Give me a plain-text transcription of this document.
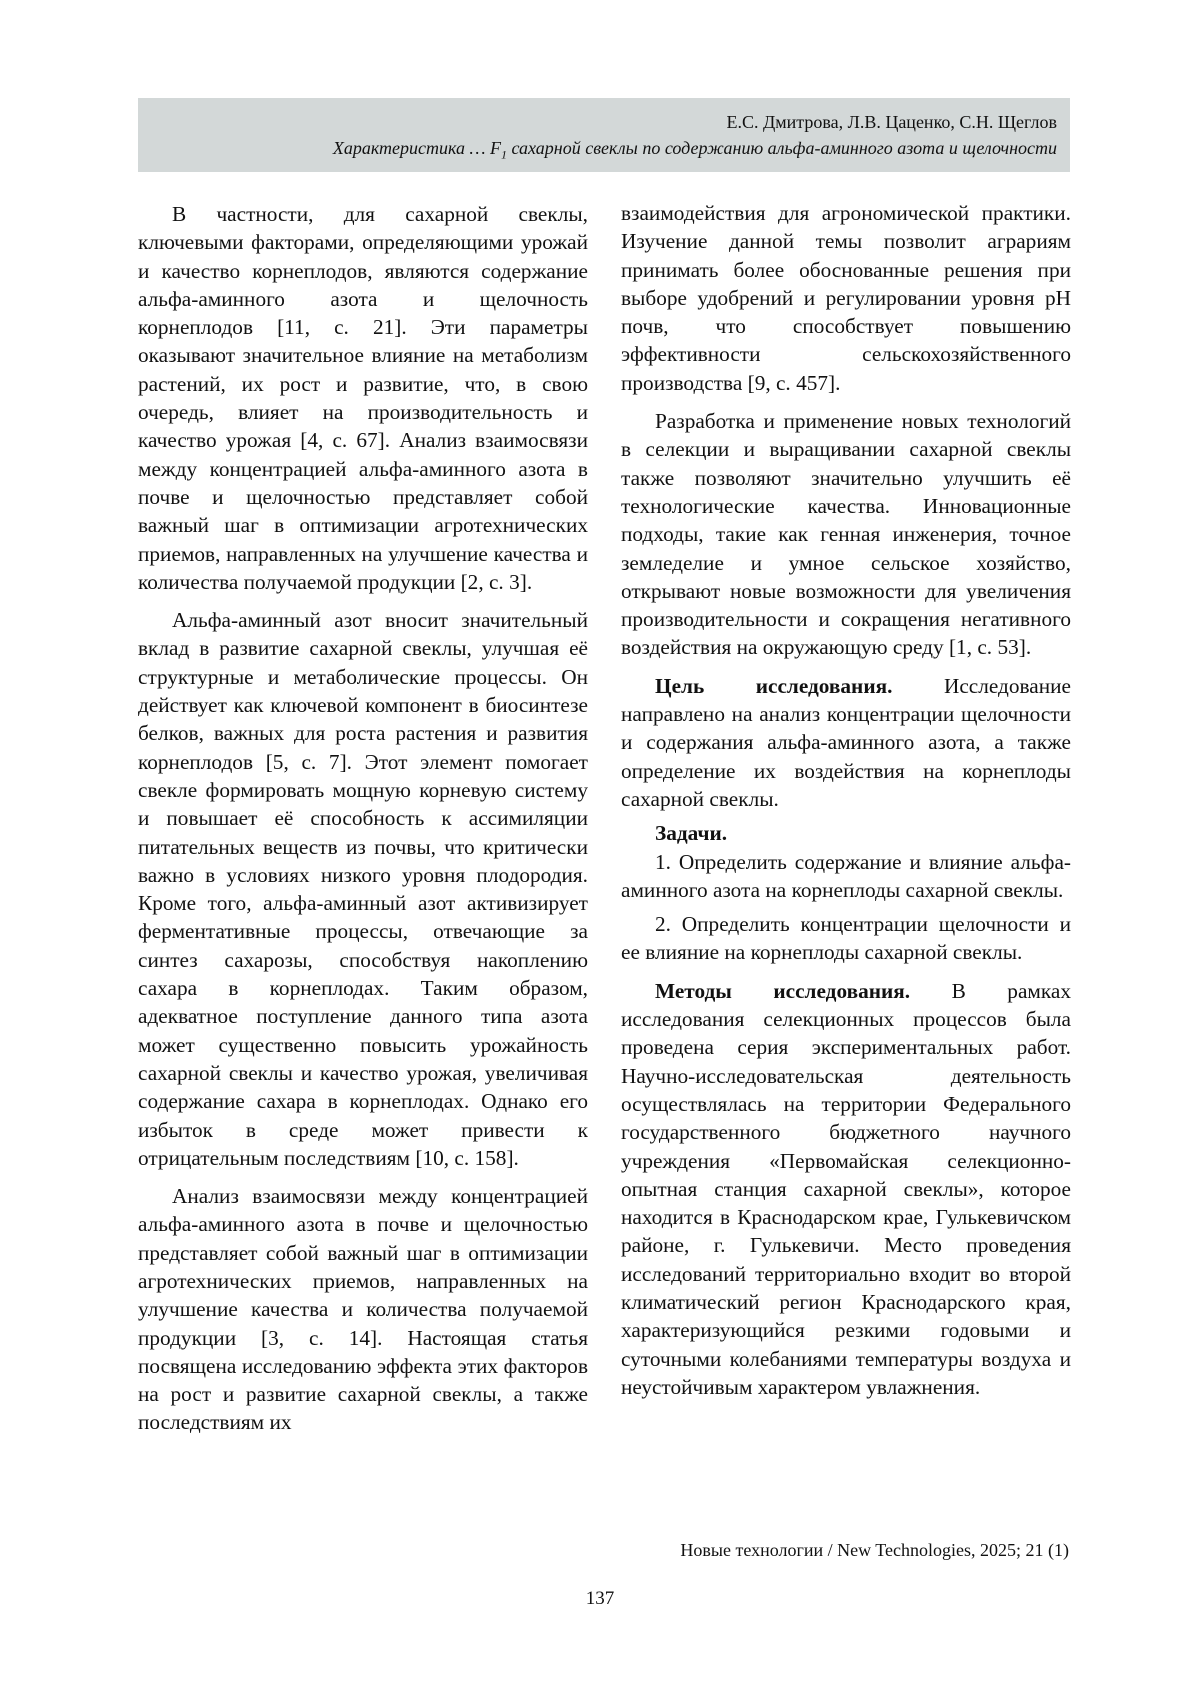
Е.С. Дмитрова, Л.В. Цаценко, С.Н. Щеглов
Характеристика … $F_1$ сахарной свеклы по содержанию альфа-аминного азота и щелочности

В частности, для сахарной свеклы, ключевыми факторами, определяющими урожай и качество корнеплодов, являются содержание альфа-аминного азота и щелочность корнеплодов [11, с. 21]. Эти параметры оказывают значительное влияние на метаболизм растений, их рост и развитие, что, в свою очередь, влияет на производительность и качество урожая [4, с. 67]. Анализ взаимосвязи между концентрацией альфа-аминного азота в почве и щелочностью представляет собой важный шаг в оптимизации агротехнических приемов, направленных на улучшение качества и количества получаемой продукции [2, с. 3].

Альфа-аминный азот вносит значительный вклад в развитие сахарной свеклы, улучшая её структурные и метаболические процессы. Он действует как ключевой компонент в биосинтезе белков, важных для роста растения и развития корнеплодов [5, с. 7]. Этот элемент помогает свекле формировать мощную корневую систему и повышает её способность к ассимиляции питательных веществ из почвы, что критически важно в условиях низкого уровня плодородия. Кроме того, альфа-аминный азот активизирует ферментативные процессы, отвечающие за синтез сахарозы, способствуя накоплению сахара в корнеплодах. Таким образом, адекватное поступление данного типа азота может существенно повысить урожайность сахарной свеклы и качество урожая, увеличивая содержание сахара в корнеплодах. Однако его избыток в среде может привести к отрицательным последствиям [10, с. 158].

Анализ взаимосвязи между концентрацией альфа-аминного азота в почве и щелочностью представляет собой важный шаг в оптимизации агротехнических приемов, направленных на улучшение качества и количества получаемой продукции [3, с. 14]. Настоящая статья посвящена исследованию эффекта этих факторов на рост и развитие сахарной свеклы, а также последствиям их

взаимодействия для агрономической практики. Изучение данной темы позволит аграриям принимать более обоснованные решения при выборе удобрений и регулировании уровня pH почв, что способствует повышению эффективности сельскохозяйственного производства [9, с. 457].

Разработка и применение новых технологий в селекции и выращивании сахарной свеклы также позволяют значительно улучшить её технологические качества. Инновационные подходы, такие как генная инженерия, точное земледелие и умное сельское хозяйство, открывают новые возможности для увеличения производительности и сокращения негативного воздействия на окружающую среду [1, с. 53].

Цель исследования. Исследование направлено на анализ концентрации щелочности и содержания альфа-аминного азота, а также определение их воздействия на корнеплоды сахарной свеклы.

Задачи.

1. Определить содержание и влияние альфа-аминного азота на корнеплоды сахарной свеклы.

2. Определить концентрации щелочности и ее влияние на корнеплоды сахарной свеклы.

Методы исследования. В рамках исследования селекционных процессов была проведена серия экспериментальных работ. Научно-исследовательская деятельность осуществлялась на территории Федерального государственного бюджетного научного учреждения «Первомайская селекционно-опытная станция сахарной свеклы», которое находится в Краснодарском крае, Гулькевичском районе, г. Гулькевичи. Место проведения исследований территориально входит во второй климатический регион Краснодарского края, характеризующийся резкими годовыми и суточными колебаниями температуры воздуха и неустойчивым характером увлажнения.

Новые технологии / New Technologies, 2025; 21 (1)
137
